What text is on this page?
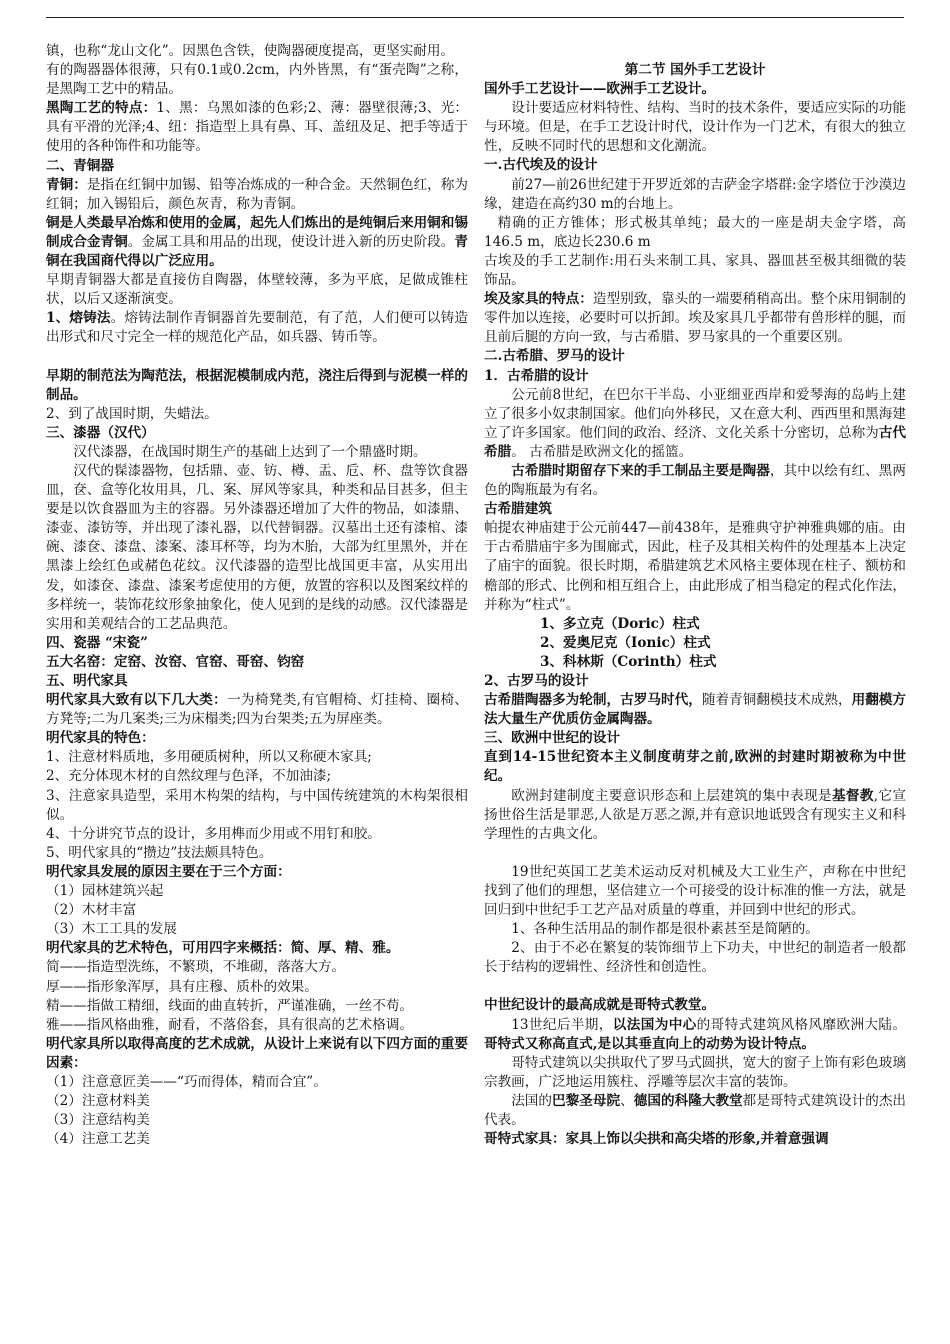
镇，也称“龙山文化”。因黑色含铁，使陶器硬度提高，更坚实耐用。

有的陶器器体很薄，只有0.1或0.2cm，内外皆黑，有“蛋壳陶”之称，是黑陶工艺中的精品。

黑陶工艺的特点：1、黑：乌黑如漆的色彩;2、薄：器壁很薄;3、光：具有平滑的光泽;4、纽：指造型上具有鼻、耳、盖纽及足、把手等适于使用的各种饰件和功能等。

二、青铜器

青铜：是指在红铜中加锡、铅等冶炼成的一种合金。天然铜色红，称为红铜；加入锡铅后，颜色灰青，称为青铜。

铜是人类最早冶炼和使用的金属，起先人们炼出的是纯铜后来用铜和锡制成合金青铜。金属工具和用品的出现，使设计进入新的历史阶段。青铜在我国商代得以广泛应用。

早期青铜器大都是直接仿自陶器，体壁较薄，多为平底，足做成锥柱状，以后又逐渐演变。

1、熔铸法。熔铸法制作青铜器首先要制范，有了范，人们便可以铸造出形式和尺寸完全一样的规范化产品，如兵器、铸币等。

早期的制范法为陶范法，根据泥模制成内范，浇注后得到与泥模一样的制品。

2、到了战国时期，失蜡法。

三、漆器（汉代）

汉代漆器，在战国时期生产的基础上达到了一个鼎盛时期。

汉代的髹漆器物，包括鼎、壶、钫、樽、盂、卮、杯、盘等饮食器皿，奁、盒等化妆用具，几、案、屏风等家具，种类和品目甚多，但主要是以饮食器皿为主的容器。另外漆器还增加了大件的物品，如漆鼎、漆壶、漆钫等，并出现了漆礼器，以代替铜器。汉墓出土还有漆棺、漆碗、漆奁、漆盘、漆案、漆耳杯等，均为木胎，大部为红里黑外，并在黑漆上绘红色或赭色花纹。汉代漆器的造型比战国更丰富，从实用出发，如漆奁、漆盘、漆案考虑使用的方便，放置的容积以及图案纹样的多样统一，装饰花纹形象抽象化，使人见到的是线的动感。汉代漆器是实用和美观结合的工艺品典范。

四、瓷器 “宋瓷”

五大名窑：定窑、汝窑、官窑、哥窑、钧窑

五、明代家具

明代家具大致有以下几大类：一为椅凳类,有官帽椅、灯挂椅、圈椅、方凳等;二为几案类;三为床榻类;四为台架类;五为屏座类。

明代家具的特色：

1、注意材料质地，多用硬质树种，所以又称硬木家具;

2、充分体现木材的自然纹理与色泽，不加油漆;

3、注意家具造型，采用木构架的结构，与中国传统建筑的木构架很相似。

4、十分讲究节点的设计，多用榫而少用或不用钉和胶。

5、明代家具的“攒边”技法颇具特色。

明代家具发展的原因主要在于三个方面：

（1）园林建筑兴起

（2）木材丰富

（3）木工工具的发展

明代家具的艺术特色，可用四字来概括：简、厚、精、雅。

简——指造型洗练，不繁琐，不堆砌，落落大方。

厚——指形象浑厚，具有庄穆、质朴的效果。

精——指做工精细，线面的曲直转折，严谨准确，一丝不苟。

雅——指风格曲雅，耐看，不落俗套，具有很高的艺术格调。

明代家具所以取得高度的艺术成就，从设计上来说有以下四方面的重要因素：

（1）注意意匠美——“巧而得体，精而合宜”。

（2）注意材料美

（3）注意结构美

（4）注意工艺美

第二节 国外手工艺设计

国外手工艺设计——欧洲手工艺设计。

设计要适应材料特性、结构、当时的技术条件，要适应实际的功能与环境。但是，在手工艺设计时代，设计作为一门艺术，有很大的独立性，反映不同时代的思想和文化潮流。

一.古代埃及的设计

前27—前26世纪建于开罗近郊的吉萨金字塔群:金字塔位于沙漠边缘，建造在高约30 m的台地上。

精确的正方锥体；形式极其单纯；最大的一座是胡夫金字塔，高146.5 m，底边长230.6 m

古埃及的手工艺制作:用石头来制工具、家具、器皿甚至极其细微的装饰品。

埃及家具的特点：造型别致，靠头的一端要稍稍高出。整个床用铜制的零件加以连接，必要时可以折卸。埃及家具几乎都带有兽形样的腿，而且前后腿的方向一致，与古希腊、罗马家具的一个重要区别。

二.古希腊、罗马的设计

1．古希腊的设计

公元前8世纪，在巴尔干半岛、小亚细亚西岸和爱琴海的岛屿上建立了很多小奴隶制国家。他们向外移民，又在意大利、西西里和黑海建立了许多国家。他们间的政治、经济、文化关系十分密切，总称为古代希腊。 古希腊是欧洲文化的摇篮。

古希腊时期留存下来的手工制品主要是陶器，其中以绘有红、黑两色的陶瓶最为有名。

古希腊建筑

帕提农神庙建于公元前447—前438年，是雅典守护神雅典娜的庙。由于古希腊庙宇多为围廊式，因此，柱子及其相关构件的处理基本上决定了庙宇的面貌。很长时期，希腊建筑艺术风格主要体现在柱子、额枋和檐部的形式、比例和相互组合上，由此形成了相当稳定的程式化作法，并称为“柱式”。

1、多立克（Doric）柱式

2、爱奥尼克（Ionic）柱式

3、科林斯（Corinth）柱式

2、古罗马的设计

古希腊陶器多为轮制，古罗马时代，随着青铜翻模技术成熟，用翻模方法大量生产优质仿金属陶器。

三、欧洲中世纪的设计

直到14-15世纪资本主义制度萌芽之前,欧洲的封建时期被称为中世纪。

欧洲封建制度主要意识形态和上层建筑的集中表现是基督教,它宣扬世俗生活是罪恶,人欲是万恶之源,并有意识地诋毁含有现实主义和科学理性的古典文化。

19世纪英国工艺美术运动反对机械及大工业生产，声称在中世纪找到了他们的理想，坚信建立一个可接受的设计标准的惟一方法，就是回归到中世纪手工艺产品对质量的尊重，并回到中世纪的形式。

1、各种生活用品的制作都是很朴素甚至是简陋的。

2、由于不必在繁复的装饰细节上下功夫，中世纪的制造者一般都长于结构的逻辑性、经济性和创造性。

中世纪设计的最高成就是哥特式教堂。

13世纪后半期，以法国为中心的哥特式建筑风格风靡欧洲大陆。哥特式又称高直式,是以其垂直向上的动势为设计特点。

哥特式建筑以尖拱取代了罗马式圆拱，宽大的窗子上饰有彩色玻璃宗教画，广泛地运用簇柱、浮雕等层次丰富的装饰。

法国的巴黎圣母院、德国的科隆大教堂都是哥特式建筑设计的杰出代表。

哥特式家具：家具上饰以尖拱和高尖塔的形象,并着意强调
